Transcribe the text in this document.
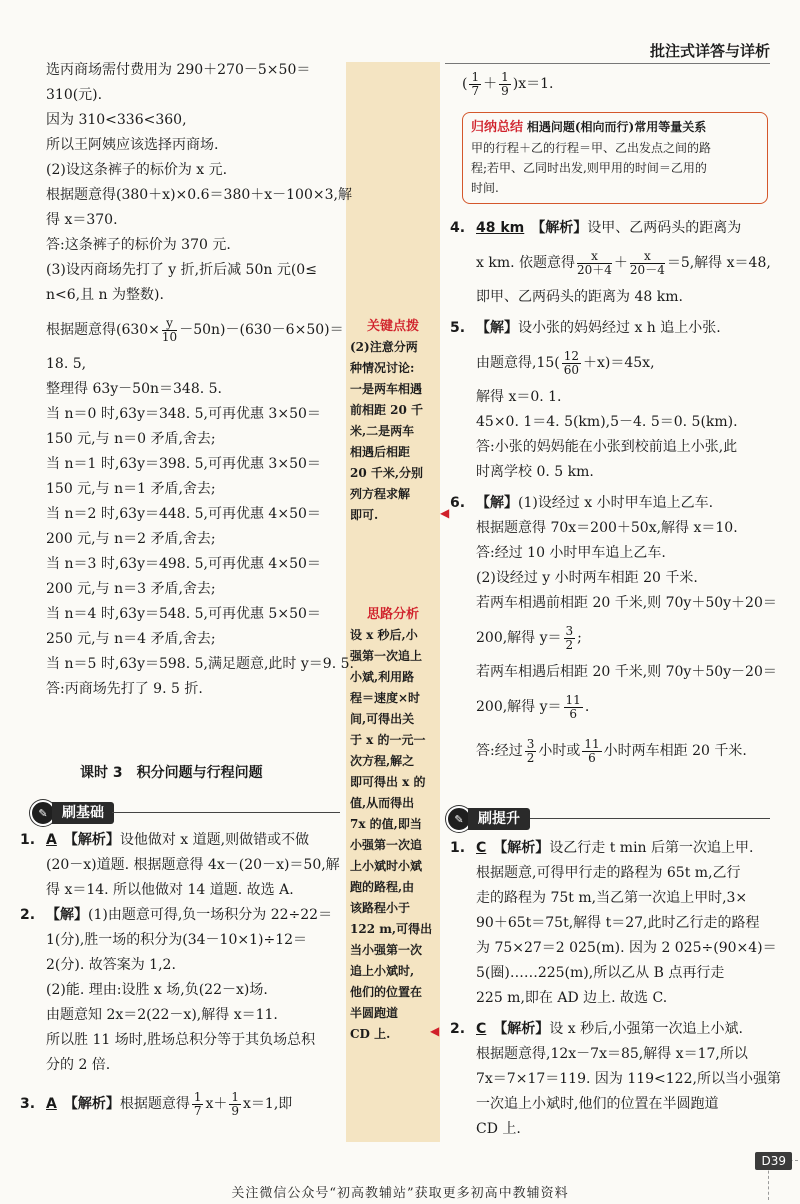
批注式详答与详析
关键点拨
(2)注意分两
种情况讨论:
一是两车相遇
前相距 20 千
米,二是两车
相遇后相距
20 千米,分别
列方程求解
即可.
思路分析
设 x 秒后,小
强第一次追上
小斌,利用路
程＝速度×时
间,可得出关
于 x 的一元一
次方程,解之
即可得出 x 的
值,从而得出
7x 的值,即当
小强第一次追
上小斌时小斌
跑的路程,由
该路程小于
122 m,可得出
当小强第一次
追上小斌时,
他们的位置在
半圆跑道
CD 上.
◀
◀
选丙商场需付费用为 290＋270－5×50＝
310(元).
因为 310<336<360,
所以王阿姨应该选择丙商场.
(2)设这条裤子的标价为 x 元.
根据题意得(380＋x)×0.6＝380＋x－100×3,解
得 x＝370.
答:这条裤子的标价为 370 元.
(3)设丙商场先打了 y 折,折后减 50n 元(0≤
n<6,且 n 为整数).
根据题意得$(630\times \frac{y}{10} -50n)-(630-6\times 50)=$
18. 5,
整理得 63y－50n＝348. 5.
当 n＝0 时,63y＝348. 5,可再优惠 3×50＝
150 元,与 n＝0 矛盾,舍去;
当 n＝1 时,63y＝398. 5,可再优惠 3×50＝
150 元,与 n＝1 矛盾,舍去;
当 n＝2 时,63y＝448. 5,可再优惠 4×50＝
200 元,与 n＝2 矛盾,舍去;
当 n＝3 时,63y＝498. 5,可再优惠 4×50＝
200 元,与 n＝3 矛盾,舍去;
当 n＝4 时,63y＝548. 5,可再优惠 5×50＝
250 元,与 n＝4 矛盾,舍去;
当 n＝5 时,63y＝598. 5,满足题意,此时 y＝9. 5.
答:丙商场先打了 9. 5 折.
课时 3　积分问题与行程问题
✎	刷基础
1. A　 【解析】设他做对 x 道题,则做错或不做
(20－x)道题. 根据题意得 4x－(20－x)＝50,解
得 x＝14. 所以他做对 14 道题. 故选 A.
2. 【解】(1)由题意可得,负一场积分为 22÷22＝
1(分),胜一场的积分为(34－10×1)÷12＝
2(分). 故答案为 1,2.
(2)能. 理由:设胜 x 场,负(22－x)场.
由题意知 2x＝2(22－x),解得 x＝11.
所以胜 11 场时,胜场总积分等于其负场总积
分的 2 倍.
3. A　 【解析】根据题意得 $\frac{1}{7} x+ \frac{1}{9} x=1$,即
( $\frac{1}{7} + \frac{1}{9} )x=1$.
归纳总结 相遇问题(相向而行)常用等量关系
甲的行程＋乙的行程＝甲、乙出发点之间的路
程;若甲、乙同时出发,则甲用的时间＝乙用的
时间.
4. 48 km　 【解析】设甲、乙两码头的距离为
x km. 依题意得 $\frac{x}{20+4} + \frac{x}{20-4} =5$,解得 x＝48,
即甲、乙两码头的距离为 48 km.
5. 【解】设小张的妈妈经过 x h 追上小张.
由题意得$,15( \frac{12}{60} +x)=45x$,
解得 x＝0. 1.
45×0. 1＝4. 5(km),5－4. 5＝0. 5(km).
答:小张的妈妈能在小张到校前追上小张,此
时离学校 0. 5 km.
6. 【解】(1)设经过 x 小时甲车追上乙车.
根据题意得 70x＝200＋50x,解得 x＝10.
答:经过 10 小时甲车追上乙车.
(2)设经过 y 小时两车相距 20 千米.
若两车相遇前相距 20 千米,则 70y＋50y＋20＝
200,解得 $y= \frac{3}{2}$ ;
若两车相遇后相距 20 千米,则 70y＋50y－20＝
200,解得 $y= \frac{11}{6}$ .
答:经过 $\frac{3}{2}$ 小时或 $\frac{11}{6}$ 小时两车相距 20 千米.
✎	刷提升
1. C　 【解析】设乙行走 t min 后第一次追上甲.
根据题意,可得甲行走的路程为 65t m,乙行
走的路程为 75t m,当乙第一次追上甲时,3×
90＋65t＝75t,解得 t＝27,此时乙行走的路程
为 75×27＝2 025(m). 因为 2 025÷(90×4)＝
5(圈)……225(m),所以乙从 B 点再行走
225 m,即在 AD 边上. 故选 C.
2. C　 【解析】设 x 秒后,小强第一次追上小斌.
根据题意得,12x－7x＝85,解得 x＝17,所以
7x＝7×17＝119. 因为 119<122,所以当小强第
一次追上小斌时,他们的位置在半圆跑道
CD 上.
D39
关注微信公众号“初高教辅站”获取更多初高中教辅资料
